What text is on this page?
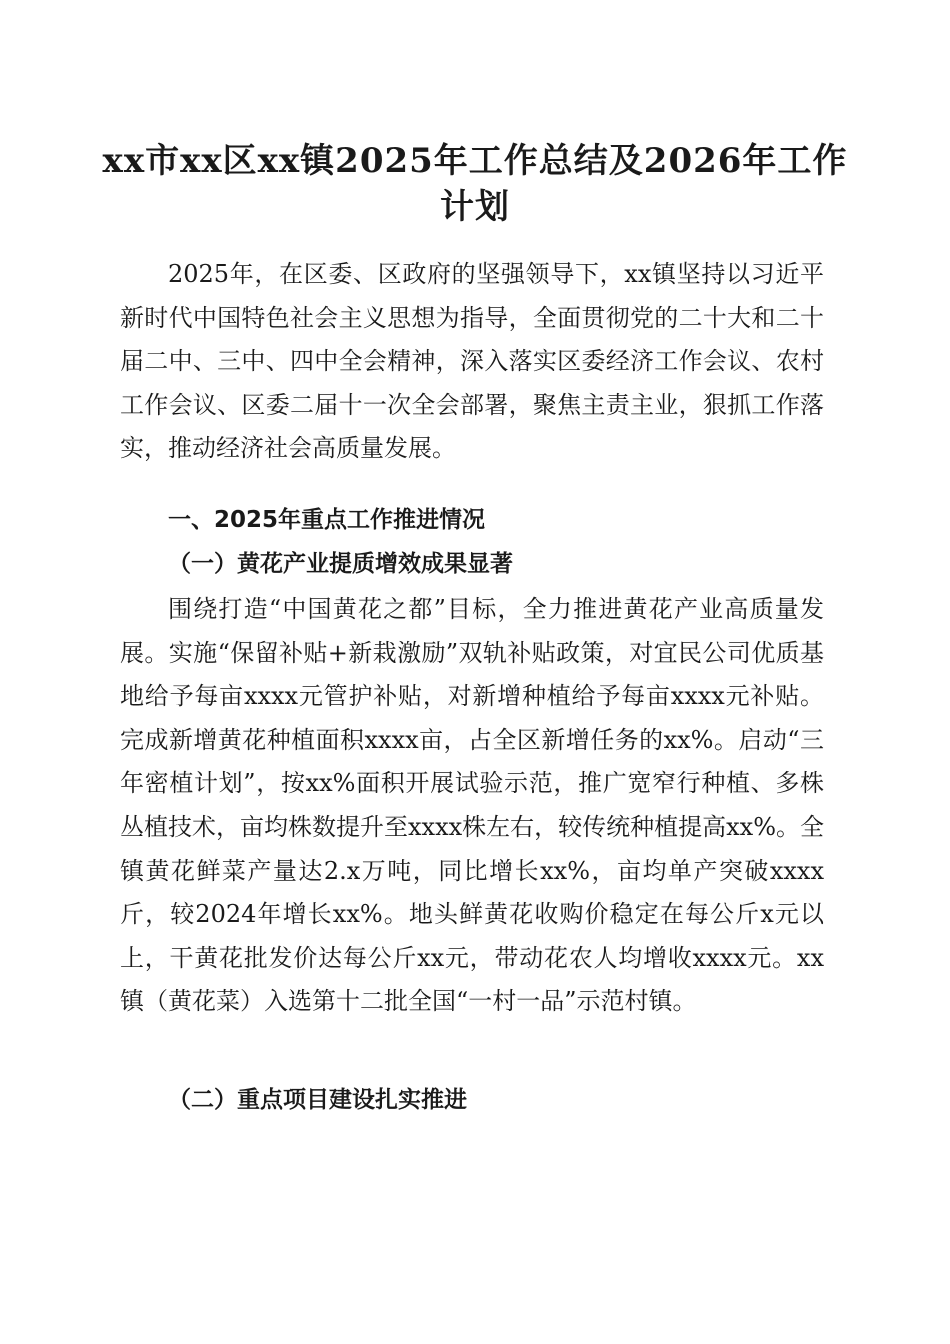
xx市xx区xx镇2025年工作总结及2026年工作计划

2025年，在区委、区政府的坚强领导下，xx镇坚持以习近平新时代中国特色社会主义思想为指导，全面贯彻党的二十大和二十届二中、三中、四中全会精神，深入落实区委经济工作会议、农村工作会议、区委二届十一次全会部署，聚焦主责主业，狠抓工作落实，推动经济社会高质量发展。

一、2025年重点工作推进情况
（一）黄花产业提质增效成果显著

围绕打造“中国黄花之都”目标，全力推进黄花产业高质量发展。实施“保留补贴+新栽激励”双轨补贴政策，对宜民公司优质基地给予每亩xxxx元管护补贴，对新增种植给予每亩xxxx元补贴。完成新增黄花种植面积xxxx亩，占全区新增任务的xx%。启动“三年密植计划”，按xx%面积开展试验示范，推广宽窄行种植、多株丛植技术，亩均株数提升至xxxx株左右，较传统种植提高xx%。全镇黄花鲜菜产量达2.x万吨，同比增长xx%，亩均单产突破xxxx斤，较2024年增长xx%。地头鲜黄花收购价稳定在每公斤x元以上，干黄花批发价达每公斤xx元，带动花农人均增收xxxx元。xx镇（黄花菜）入选第十二批全国“一村一品”示范村镇。

（二）重点项目建设扎实推进
